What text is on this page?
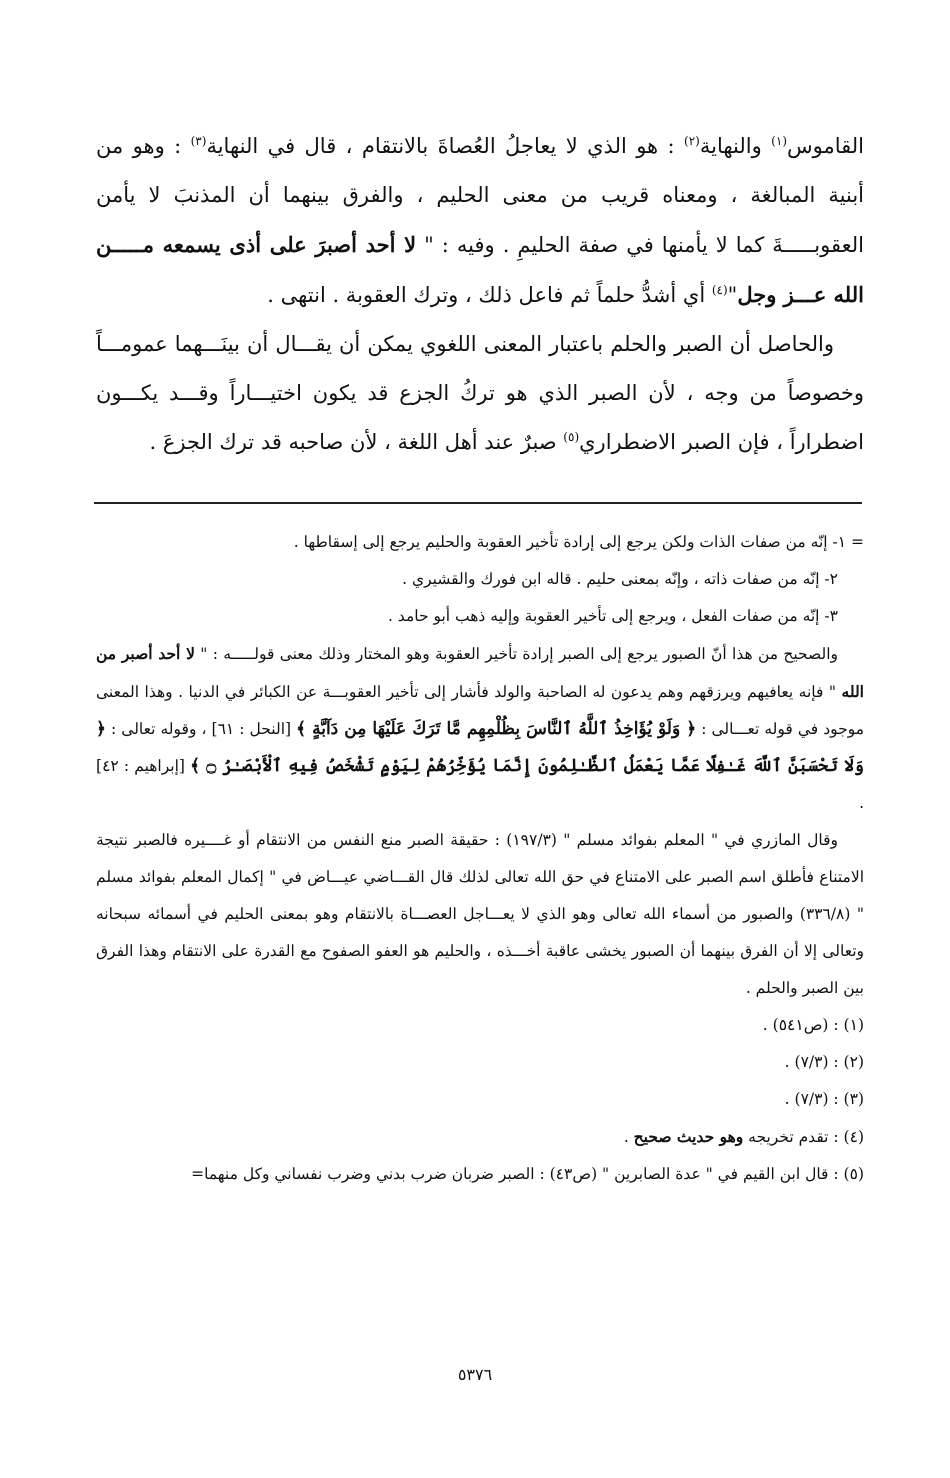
القاموس$^{(١)}$ والنهاية$^{(٢)}$ : هو الذي لا يعاجلُ العُصاةَ بالانتقام ، قال في النهاية$^{(٣)}$ : وهو من أبنية المبالغة ، ومعناه قريب من معنى الحليم ، والفرق بينهما أن المذنبَ لا يأمن العقوبـــــةَ كما لا يأمنها في صفة الحليمِ . وفيه : " لا أحد أصبرَ على أذى يسمعه مـــــن الله عـــز وجل"$^{(٤)}$ أي أشدُّ حلماً ثم فاعل ذلك ، وترك العقوبة . انتهى .

والحاصل أن الصبر والحلم باعتبار المعنى اللغوي يمكن أن يقـــال أن بينَـــهما عمومـــاً وخصوصاً من وجه ، لأن الصبر الذي هو تركُ الجزع قد يكون اختيـــاراً وقـــد يكـــون اضطراراً ، فإن الصبر الاضطراري$^{(٥)}$ صبرٌ عند أهل اللغة ، لأن صاحبه قد ترك الجزعَ .

= ١- إنّه من صفات الذات ولكن يرجع إلى إرادة تأخير العقوبة والحليم يرجع إلى إسقاطها .

٢- إنّه من صفات ذاته ، وإنّه بمعنى حليم . قاله ابن فورك والقشيري .

٣- إنّه من صفات الفعل ، ويرجع إلى تأخير العقوبة وإليه ذهب أبو حامد .

والصحيح من هذا أنّ الصبور يرجع إلى الصبر إرادة تأخير العقوبة وهو المختار وذلك معنى قولـــــه : " لا أحد أصبر من الله " فإنه يعافيهم ويرزقهم وهم يدعون له الصاحبة والولد فأشار إلى تأخير العقوبـــة عن الكبائر في الدنيا . وهذا المعنى موجود في قوله تعـــالى : ﴿ وَلَوْ يُؤَاخِذُ ٱللَّهُ ٱلنَّاسَ بِظُلْمِهِم مَّا تَرَكَ عَلَيْهَا مِن دَآبَّةٍ ﴾ [النحل : ٦١] ، وقوله تعالى : ﴿ وَلَا تَحْسَبَنَّ ٱللَّهَ غَـٰفِلًا عَمَّا يَعْمَلُ ٱلظَّـٰلِمُونَ إِنَّمَا يُؤَخِّرُهُمْ لِيَوْمٍ تَشْخَصُ فِيهِ ٱلْأَبْصَـٰرُ ۝ ﴾ [إبراهيم : ٤٢] .

وقال المازري في " المعلم بفوائد مسلم " (١٩٧/٣) : حقيقة الصبر منع النفس من الانتقام أو غــــيره فالصبر نتيجة الامتناع فأطلق اسم الصبر على الامتناع في حق الله تعالى لذلك قال القـــاضي عيـــاض في " إكمال المعلم بفوائد مسلم " (٣٣٦/٨) والصبور من أسماء الله تعالى وهو الذي لا يعـــاجل العصـــاة بالانتقام وهو بمعنى الحليم في أسمائه سبحانه وتعالى إلا أن الفرق بينهما أن الصبور يخشى عاقبة أخـــذه ، والحليم هو العفو الصفوح مع القدرة على الانتقام وهذا الفرق بين الصبر والحلم .

(١) : (ص٥٤١) .

(٢) : (٧/٣) .

(٣) : (٧/٣) .

(٤) : تقدم تخريجه وهو حديث صحيح .

(٥) : قال ابن القيم في " عدة الصابرين " (ص٤٣) : الصبر ضربان ضرب بدني وضرب نفساني وكل منهما=

٥٣٧٦
